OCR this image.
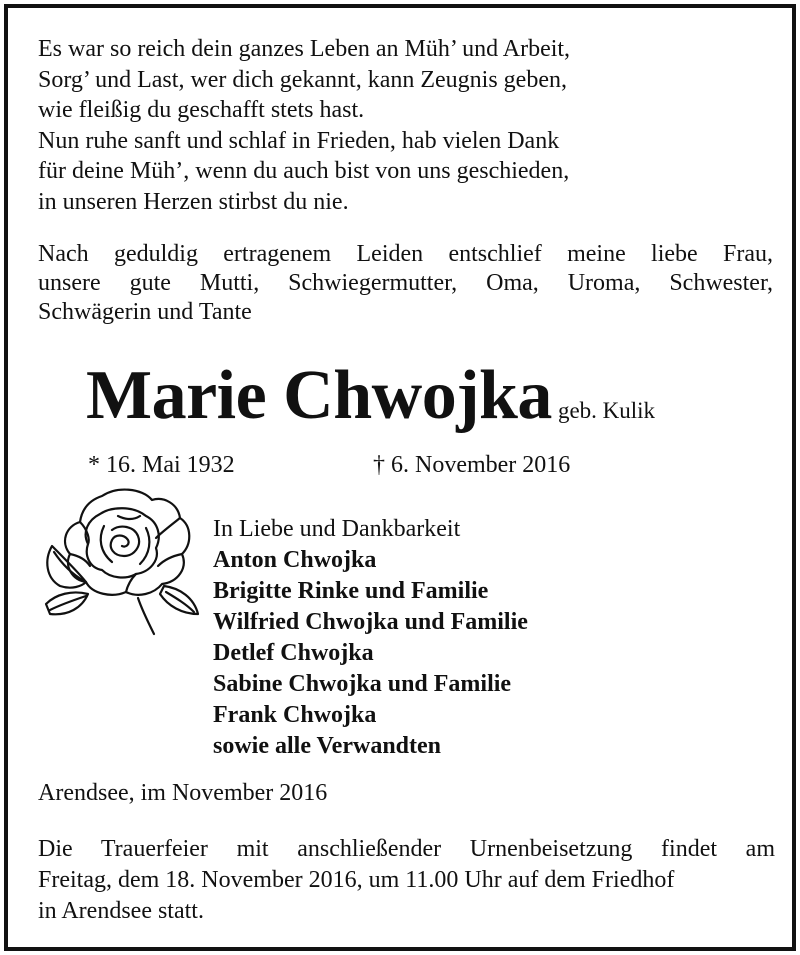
Es war so reich dein ganzes Leben an Müh’ und Arbeit,
Sorg’ und Last, wer dich gekannt, kann Zeugnis geben,
wie fleißig du geschafft stets hast.
Nun ruhe sanft und schlaf in Frieden, hab vielen Dank
für deine Müh’, wenn du auch bist von uns geschieden,
in unseren Herzen stirbst du nie.
Nach geduldig ertragenem Leiden entschlief meine liebe Frau,
unsere gute Mutti, Schwiegermutter, Oma, Uroma, Schwester,
Schwägerin und Tante
Marie Chwojka geb. Kulik
* 16. Mai 1932	† 6. November 2016
In Liebe und Dankbarkeit
Anton Chwojka
Brigitte Rinke und Familie
Wilfried Chwojka und Familie
Detlef Chwojka
Sabine Chwojka und Familie
Frank Chwojka
sowie alle Verwandten
Arendsee, im November 2016
Die Trauerfeier mit anschließender Urnenbeisetzung findet am
Freitag, dem 18. November 2016, um 11.00 Uhr auf dem Friedhof
in Arendsee statt.
